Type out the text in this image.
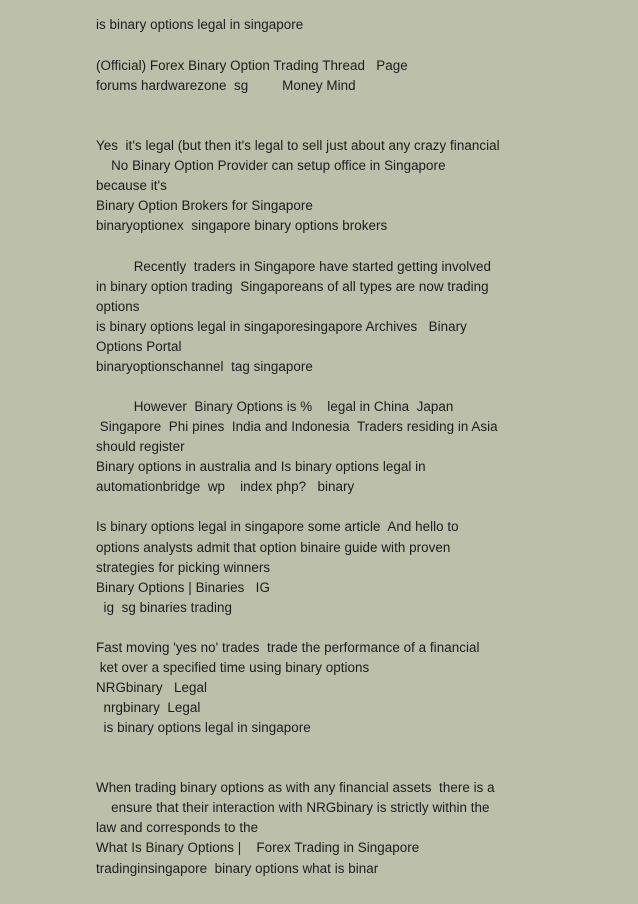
is binary options legal in singapore
(Official) Forex Binary Option Trading Thread   Page
forums hardwarezone  sg         Money Mind
Yes  it's legal (but then it's legal to sell just about any crazy financial
No Binary Option Provider can setup office in Singapore
because it's
Binary Option Brokers for Singapore
binaryoptionex  singapore binary options brokers
Recently  traders in Singapore have started getting involved
in binary option trading  Singaporeans of all types are now trading
options
is binary options legal in singaporesingapore Archives   Binary
Options Portal
binaryoptionschannel  tag singapore
However  Binary Options is %    legal in China  Japan
Singapore  Phi pines  India and Indonesia  Traders residing in Asia
should register
Binary options in australia and Is binary options legal in
automationbridge  wp    index php?   binary
Is binary options legal in singapore some article  And hello to
options analysts admit that option binaire guide with proven
strategies for picking winners
Binary Options | Binaries   IG
ig  sg binaries trading
Fast moving 'yes no' trades  trade the performance of a financial
ket over a specified time using binary options
NRGbinary   Legal
nrgbinary  Legal
is binary options legal in singapore
When trading binary options as with any financial assets  there is a
ensure that their interaction with NRGbinary is strictly within the
law and corresponds to the
What Is Binary Options |    Forex Trading in Singapore
tradinginsingapore  binary options what is binar
